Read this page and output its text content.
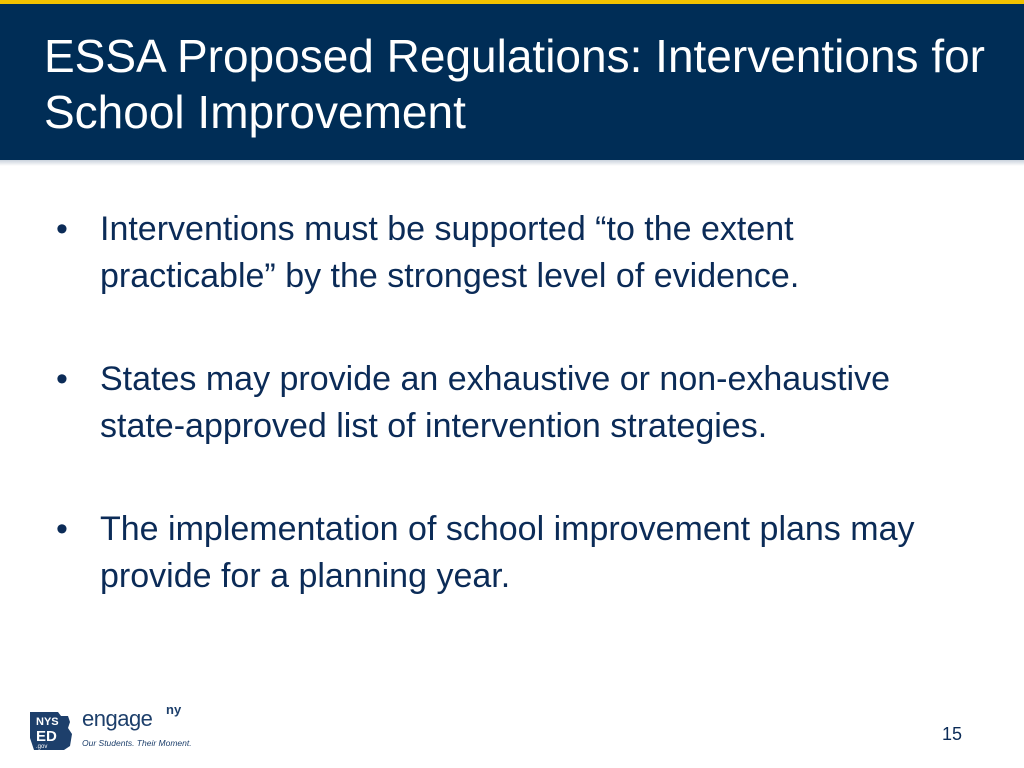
ESSA Proposed Regulations: Interventions for School Improvement
• Interventions must be supported “to the extent practicable” by the strongest level of evidence.
• States may provide an exhaustive or non-exhaustive state-approved list of intervention strategies.
• The implementation of school improvement plans may provide for a planning year.
NYS
ED
.gov
engage ny
Our Students. Their Moment.	15
